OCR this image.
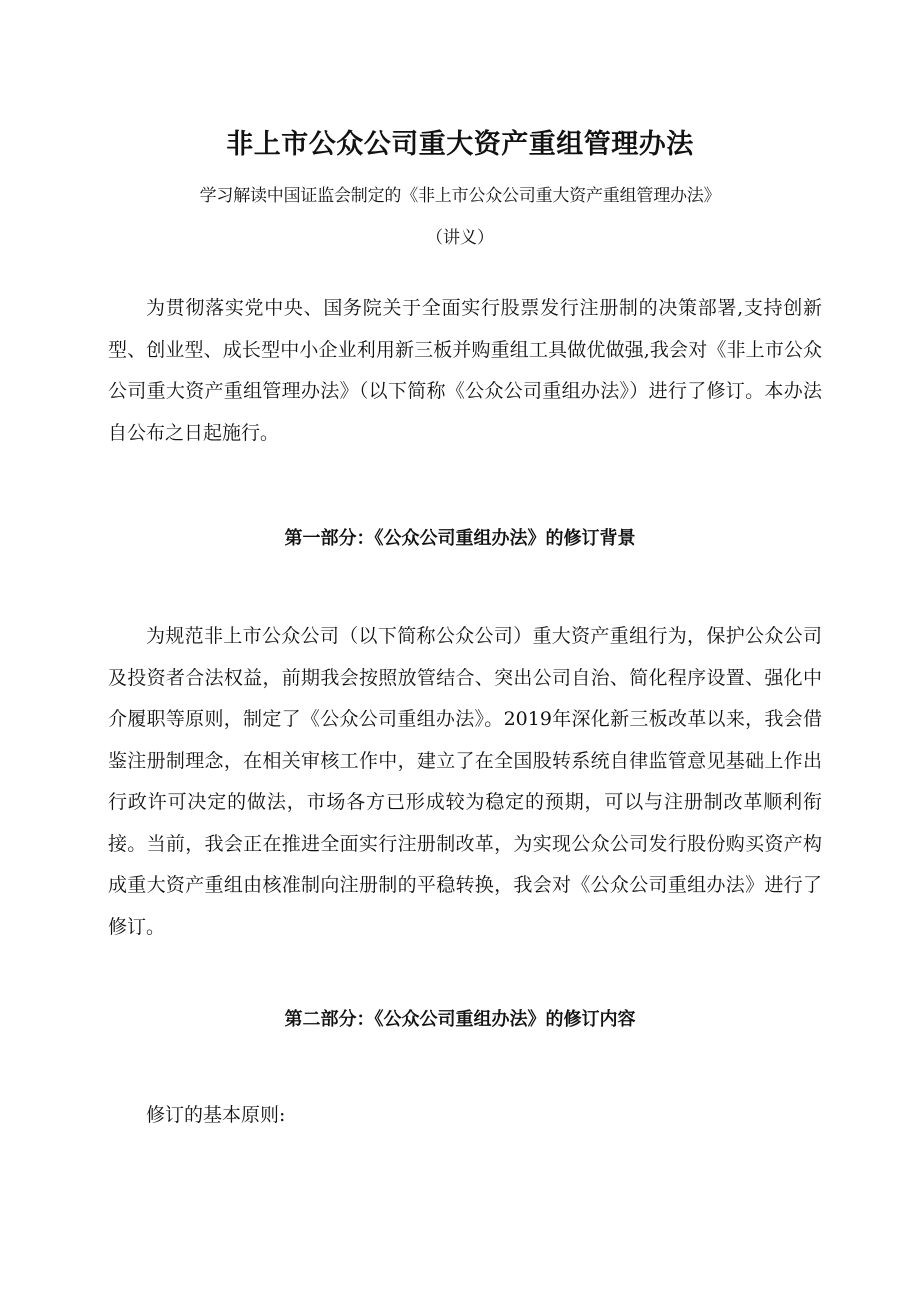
非上市公众公司重大资产重组管理办法
学习解读中国证监会制定的《非上市公众公司重大资产重组管理办法》
（讲义）

为贯彻落实党中央、国务院关于全面实行股票发行注册制的决策部署,支持创新型、创业型、成长型中小企业利用新三板并购重组工具做优做强,我会对《非上市公众公司重大资产重组管理办法》（以下简称《公众公司重组办法》）进行了修订。本办法自公布之日起施行。

第一部分：《公众公司重组办法》的修订背景

为规范非上市公众公司（以下简称公众公司）重大资产重组行为，保护公众公司及投资者合法权益，前期我会按照放管结合、突出公司自治、简化程序设置、强化中介履职等原则，制定了《公众公司重组办法》。2019年深化新三板改革以来，我会借鉴注册制理念，在相关审核工作中，建立了在全国股转系统自律监管意见基础上作出行政许可决定的做法，市场各方已形成较为稳定的预期，可以与注册制改革顺利衔接。当前，我会正在推进全面实行注册制改革，为实现公众公司发行股份购买资产构成重大资产重组由核准制向注册制的平稳转换，我会对《公众公司重组办法》进行了修订。

第二部分：《公众公司重组办法》的修订内容
修订的基本原则:
